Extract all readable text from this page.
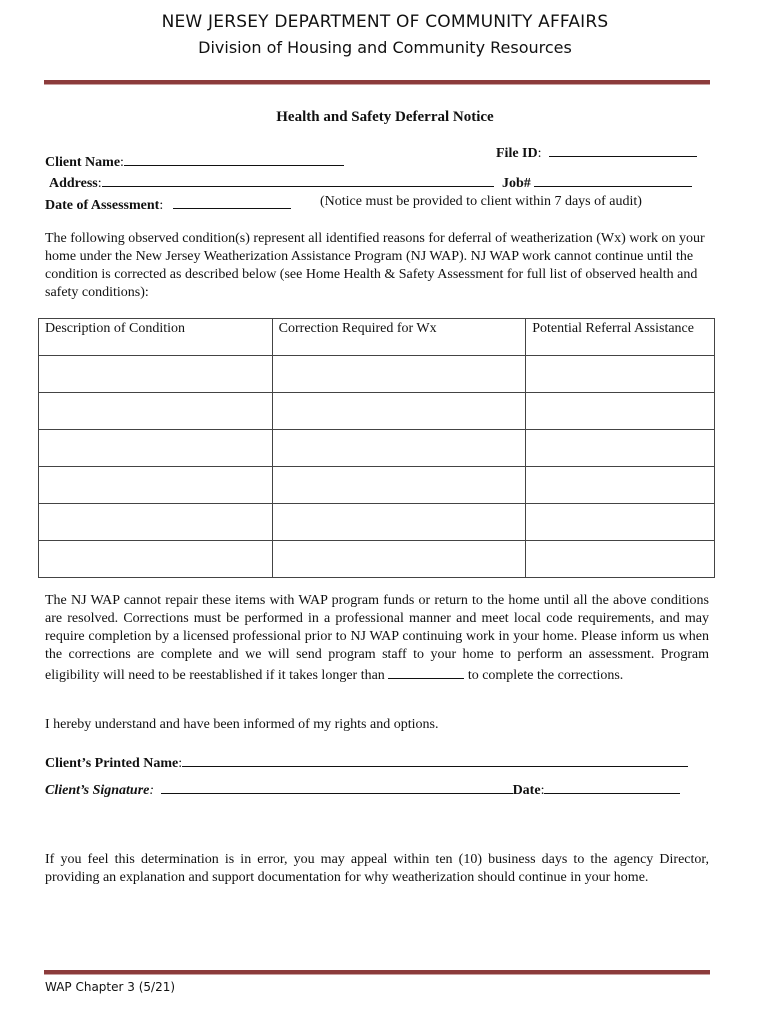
NEW JERSEY DEPARTMENT OF COMMUNITY AFFAIRS
Division of Housing and Community Resources
Health and Safety Deferral Notice
File ID:
Client Name:
Address:	Job#
Date of Assessment:	(Notice must be provided to client within 7 days of audit)
The following observed condition(s) represent all identified reasons for deferral of weatherization (Wx) work on your home under the New Jersey Weatherization Assistance Program (NJ WAP). NJ WAP work cannot continue until the condition is corrected as described below (see Home Health & Safety Assessment for full list of observed health and safety conditions):
Description of Condition	Correction Required for Wx	Potential Referral Assistance

The NJ WAP cannot repair these items with WAP program funds or return to the home until all the above conditions are resolved. Corrections must be performed in a professional manner and meet local code requirements, and may require completion by a licensed professional prior to NJ WAP continuing work in your home. Please inform us when the corrections are complete and we will send program staff to your home to perform an assessment. Program eligibility will need to be reestablished if it takes longer than	to complete the corrections.
I hereby understand and have been informed of my rights and options.
Client’s Printed Name:
Client’s Signature:	Date:
If you feel this determination is in error, you may appeal within ten (10) business days to the agency Director, providing an explanation and support documentation for why weatherization should continue in your home.
WAP Chapter 3 (5/21)
